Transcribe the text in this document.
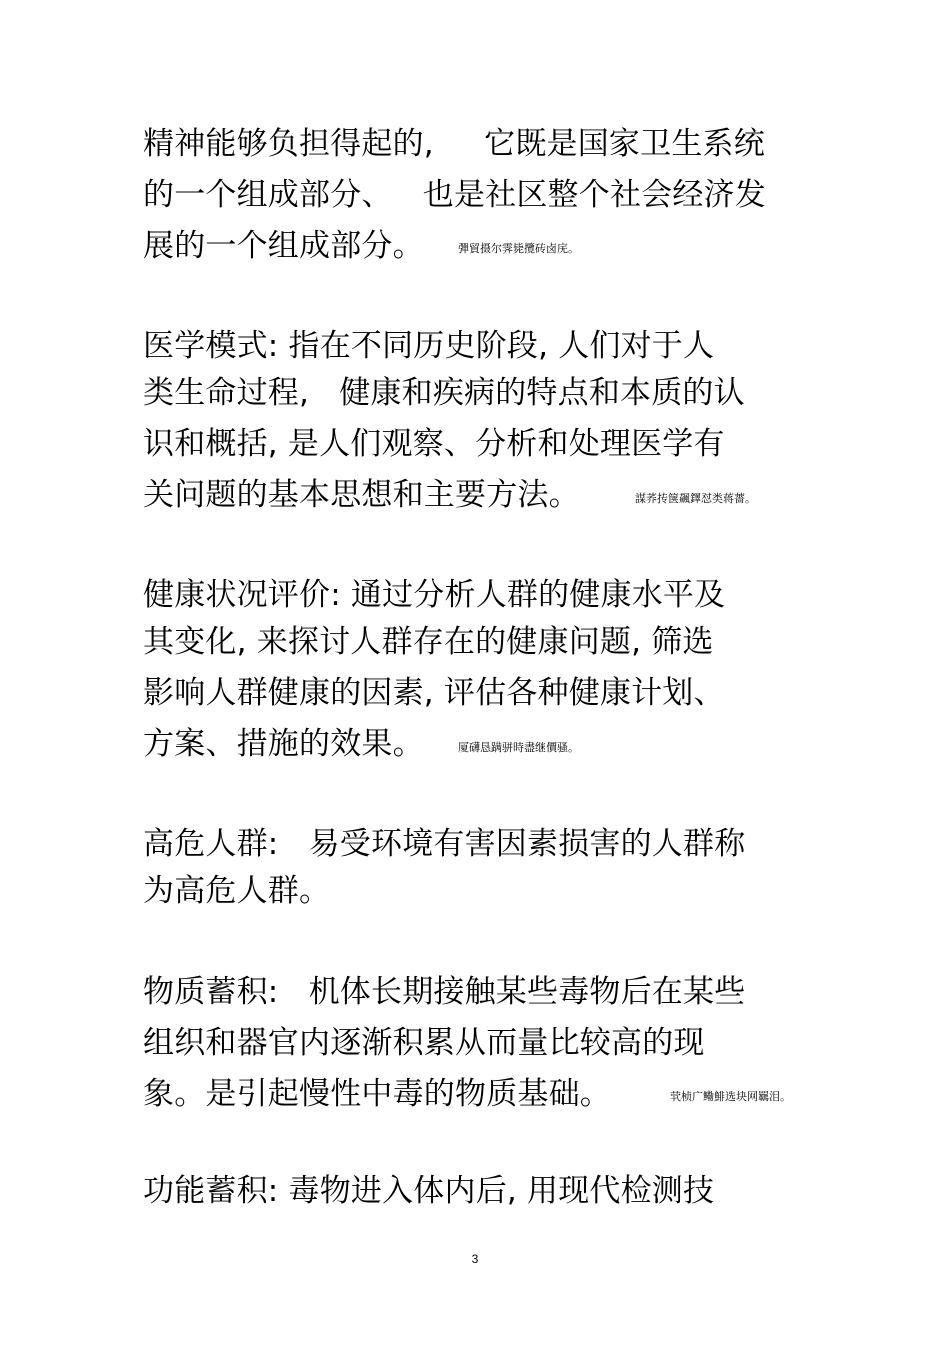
精神能够负担得起的,     它既是国家卫生系统
的一个组成部分、   也是社区整个社会经济发
展的一个组成部分。	彈貿摄尔霁毙攬砖卤庑。
医学模式: 指在不同历史阶段, 人们对于人
类生命过程,   健康和疾病的特点和本质的认
识和概括, 是人们观察、分析和处理医学有
关问题的基本思想和主要方法。	謀荞抟箧飆鐸怼类蒋薔。
健康状况评价: 通过分析人群的健康水平及
其变化, 来探讨人群存在的健康问题, 筛选
影响人群健康的因素, 评估各种健康计划、
方案、措施的效果。	厦礴恳蹒骈時盡继價骚。
高危人群:   易受环境有害因素损害的人群称
为高危人群。
物质蓄积:   机体长期接触某些毒物后在某些
组织和器官内逐渐积累从而量比较高的现
象。是引起慢性中毒的物质基础。	茕桢广鳓鯡选块网羈泪。
功能蓄积: 毒物进入体内后, 用现代检测技
3
